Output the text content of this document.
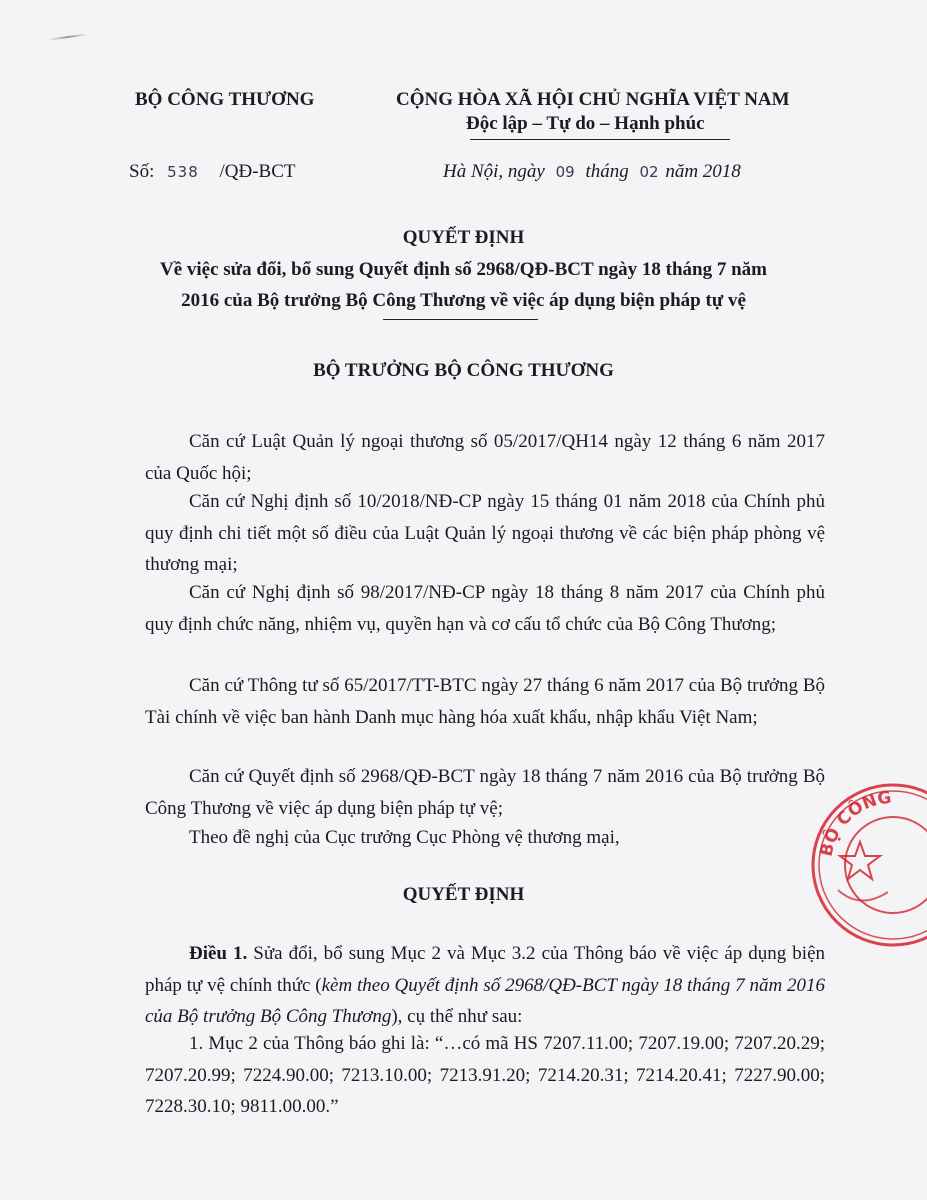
BỘ CÔNG THƯƠNG	CỘNG HÒA XÃ HỘI CHỦ NGHĨA VIỆT NAM
Độc lập – Tự do – Hạnh phúc
Số: 538 /QĐ-BCT	Hà Nội, ngày 09 tháng 02 năm 2018
QUYẾT ĐỊNH
Về việc sửa đổi, bổ sung Quyết định số 2968/QĐ-BCT ngày 18 tháng 7 năm
2016 của Bộ trưởng Bộ Công Thương về việc áp dụng biện pháp tự vệ
BỘ TRƯỞNG BỘ CÔNG THƯƠNG
Căn cứ Luật Quản lý ngoại thương số 05/2017/QH14 ngày 12 tháng 6 năm 2017 của Quốc hội;
Căn cứ Nghị định số 10/2018/NĐ-CP ngày 15 tháng 01 năm 2018 của Chính phủ quy định chi tiết một số điều của Luật Quản lý ngoại thương về các biện pháp phòng vệ thương mại;
Căn cứ Nghị định số 98/2017/NĐ-CP ngày 18 tháng 8 năm 2017 của Chính phủ quy định chức năng, nhiệm vụ, quyền hạn và cơ cấu tổ chức của Bộ Công Thương;
Căn cứ Thông tư số 65/2017/TT-BTC ngày 27 tháng 6 năm 2017 của Bộ trưởng Bộ Tài chính về việc ban hành Danh mục hàng hóa xuất khẩu, nhập khẩu Việt Nam;
Căn cứ Quyết định số 2968/QĐ-BCT ngày 18 tháng 7 năm 2016 của Bộ trưởng Bộ Công Thương về việc áp dụng biện pháp tự vệ;
Theo đề nghị của Cục trưởng Cục Phòng vệ thương mại,
QUYẾT ĐỊNH
Điều 1. Sửa đổi, bổ sung Mục 2 và Mục 3.2 của Thông báo về việc áp dụng biện pháp tự vệ chính thức (kèm theo Quyết định số 2968/QĐ-BCT ngày 18 tháng 7 năm 2016 của Bộ trưởng Bộ Công Thương), cụ thể như sau:
1. Mục 2 của Thông báo ghi là: “…có mã HS 7207.11.00; 7207.19.00; 7207.20.29; 7207.20.99; 7224.90.00; 7213.10.00; 7213.91.20; 7214.20.31; 7214.20.41; 7227.90.00; 7228.30.10; 9811.00.00.”
BỘ CÔNG
